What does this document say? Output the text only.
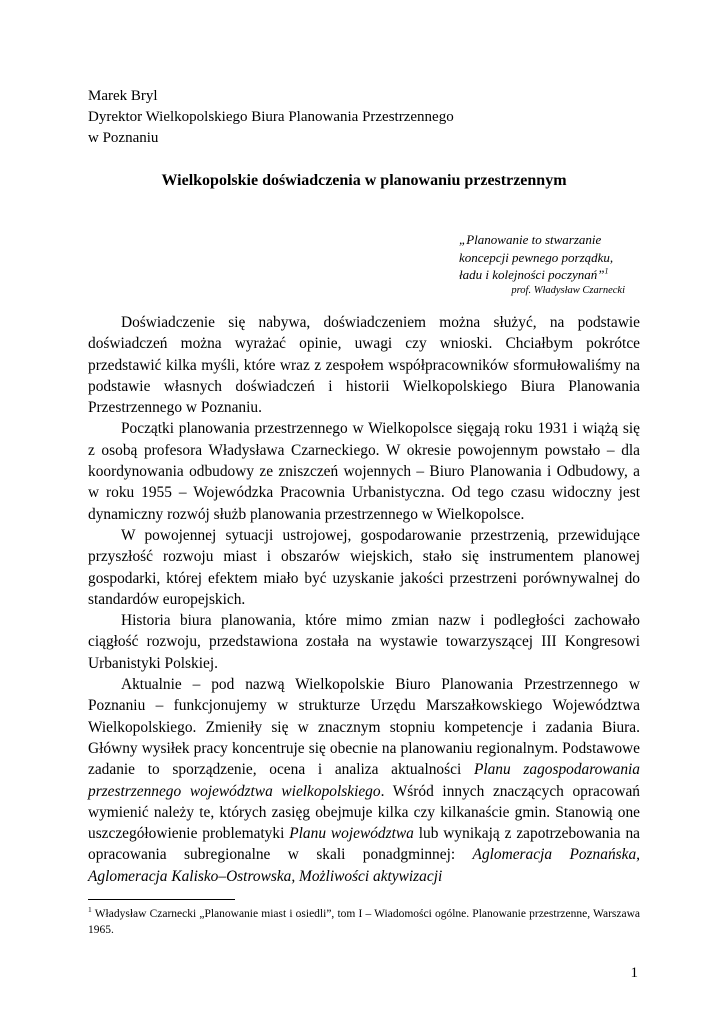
Marek Bryl
Dyrektor Wielkopolskiego Biura Planowania Przestrzennego
w Poznaniu
Wielkopolskie doświadczenia w planowaniu przestrzennym
„Planowanie to stwarzanie
koncepcji pewnego porządku,
ładu i kolejności poczynań”$^1$
prof. Władysław Czarnecki

Doświadczenie się nabywa, doświadczeniem można służyć, na podstawie doświadczeń można wyrażać opinie, uwagi czy wnioski. Chciałbym pokrótce przedstawić kilka myśli, które wraz z zespołem współpracowników sformułowaliśmy na podstawie własnych doświadczeń i historii Wielkopolskiego Biura Planowania Przestrzennego w Poznaniu.

Początki planowania przestrzennego w Wielkopolsce sięgają roku 1931 i wiążą się z osobą profesora Władysława Czarneckiego. W okresie powojennym powstało – dla koordynowania odbudowy ze zniszczeń wojennych – Biuro Planowania i Odbudowy, a w roku 1955 – Wojewódzka Pracownia Urbanistyczna. Od tego czasu widoczny jest dynamiczny rozwój służb planowania przestrzennego w Wielkopolsce.

W powojennej sytuacji ustrojowej, gospodarowanie przestrzenią, przewidujące przyszłość rozwoju miast i obszarów wiejskich, stało się instrumentem planowej gospodarki, której efektem miało być uzyskanie jakości przestrzeni porównywalnej do standardów europejskich.

Historia biura planowania, które mimo zmian nazw i podległości zachowało ciągłość rozwoju, przedstawiona została na wystawie towarzyszącej III Kongresowi Urbanistyki Polskiej.

Aktualnie – pod nazwą Wielkopolskie Biuro Planowania Przestrzennego w Poznaniu – funkcjonujemy w strukturze Urzędu Marszałkowskiego Województwa Wielkopolskiego. Zmieniły się w znacznym stopniu kompetencje i zadania Biura. Główny wysiłek pracy koncentruje się obecnie na planowaniu regionalnym. Podstawowe zadanie to sporządzenie, ocena i analiza aktualności Planu zagospodarowania przestrzennego województwa wielkopolskiego. Wśród innych znaczących opracowań wymienić należy te, których zasięg obejmuje kilka czy kilkanaście gmin. Stanowią one uszczegółowienie problematyki Planu województwa lub wynikają z zapotrzebowania na opracowania subregionalne w skali ponadgminnej: Aglomeracja Poznańska, Aglomeracja Kalisko–Ostrowska, Możliwości aktywizacji

$^1$ Władysław Czarnecki „Planowanie miast i osiedli”, tom I – Wiadomości ogólne. Planowanie przestrzenne, Warszawa 1965.
1
